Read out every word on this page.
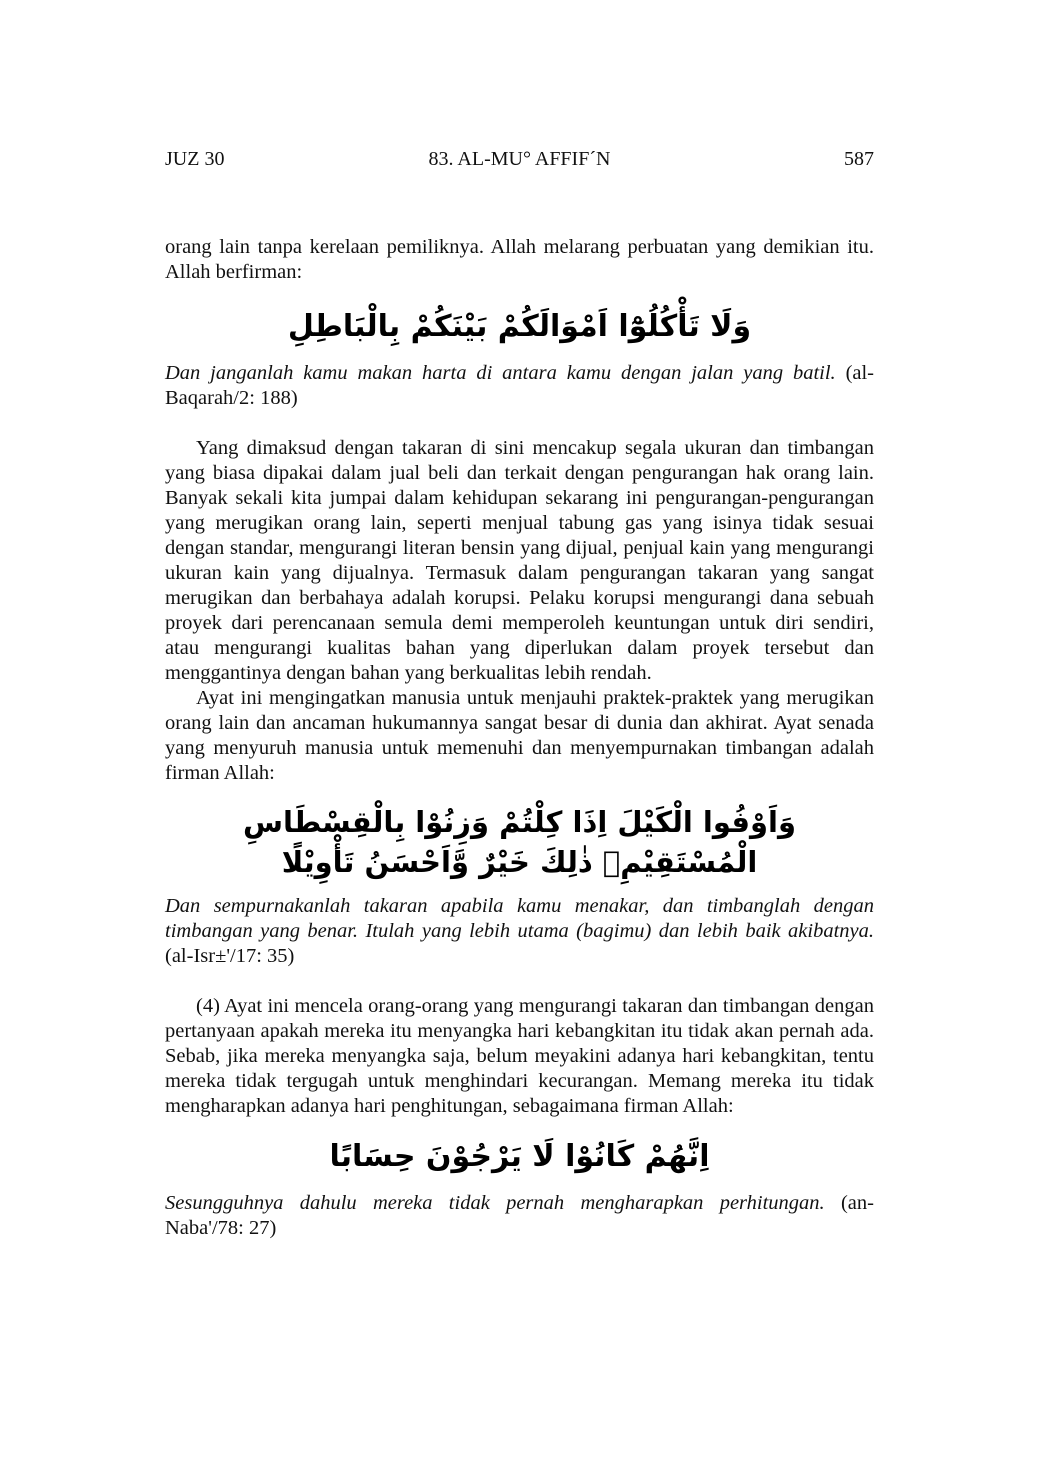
JUZ 30	83. AL-MU° AFFIF´N	587

orang lain tanpa kerelaan pemiliknya. Allah melarang perbuatan yang demikian itu. Allah berfirman:

وَلَا تَأْكُلُوْٓا اَمْوَالَكُمْ بَيْنَكُمْ بِالْبَاطِلِ

Dan janganlah kamu makan harta di antara kamu dengan jalan yang batil. (al-Baqarah/2: 188)

Yang dimaksud dengan takaran di sini mencakup segala ukuran dan timbangan yang biasa dipakai dalam jual beli dan terkait dengan pengurangan hak orang lain. Banyak sekali kita jumpai dalam kehidupan sekarang ini pengurangan-pengurangan yang merugikan orang lain, seperti menjual tabung gas yang isinya tidak sesuai dengan standar, mengurangi literan bensin yang dijual, penjual kain yang mengurangi ukuran kain yang dijualnya. Termasuk dalam pengurangan takaran yang sangat merugikan dan berbahaya adalah korupsi. Pelaku korupsi mengurangi dana sebuah proyek dari perencanaan semula demi memperoleh keuntungan untuk diri sendiri, atau mengurangi kualitas bahan yang diperlukan dalam proyek tersebut dan menggantinya dengan bahan yang berkualitas lebih rendah.

Ayat ini mengingatkan manusia untuk menjauhi praktek-praktek yang merugikan orang lain dan ancaman hukumannya sangat besar di dunia dan akhirat. Ayat senada yang menyuruh manusia untuk memenuhi dan menyempurnakan timbangan adalah firman Allah:

وَاَوْفُوا الْكَيْلَ اِذَا كِلْتُمْ وَزِنُوْا بِالْقِسْطَاسِ الْمُسْتَقِيْمِۗ ذٰلِكَ خَيْرٌ وَّاَحْسَنُ تَأْوِيْلًا

Dan sempurnakanlah takaran apabila kamu menakar, dan timbanglah dengan timbangan yang benar. Itulah yang lebih utama (bagimu) dan lebih baik akibatnya. (al-Isr±'/17: 35)

(4) Ayat ini mencela orang-orang yang mengurangi takaran dan timbangan dengan pertanyaan apakah mereka itu menyangka hari kebangkitan itu tidak akan pernah ada. Sebab, jika mereka menyangka saja, belum meyakini adanya hari kebangkitan, tentu mereka tidak tergugah untuk menghindari kecurangan. Memang mereka itu tidak mengharapkan adanya hari penghitungan, sebagaimana firman Allah:

اِنَّهُمْ كَانُوْا لَا يَرْجُوْنَ حِسَابًا

Sesungguhnya dahulu mereka tidak pernah mengharapkan perhitungan. (an-Naba'/78: 27)
